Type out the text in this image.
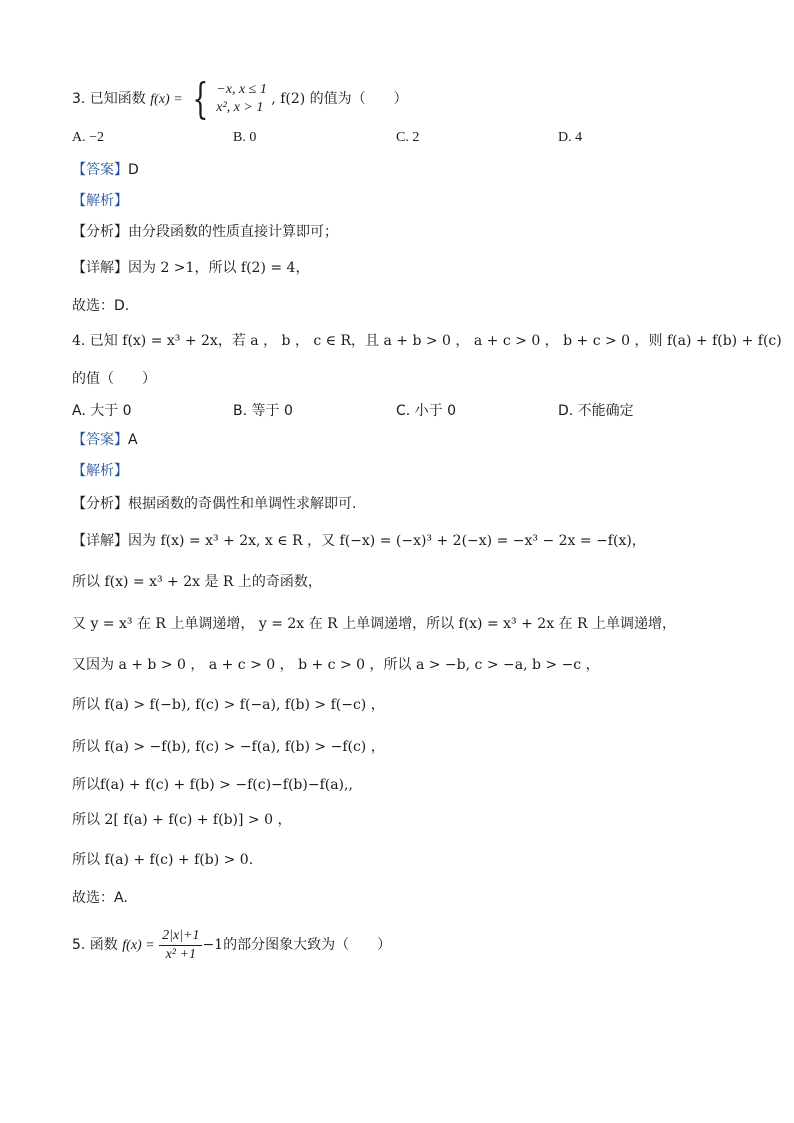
3. 已知函数 f(x) = { −x, x ≤ 1
x², x > 1
, f(2) 的值为（　　）
A. −2	B. 0	C. 2	D. 4
【答案】D
【解析】
【分析】由分段函数的性质直接计算即可；
【详解】因为 2 >1，所以 f(2) = 4，
故选：D.
4. 已知 f(x) = x³ + 2x，若 a ， b ， c ∈ R，且 a + b > 0 ， a + c > 0 ， b + c > 0 ，则 f(a) + f(b) + f(c)
的值（　　）
A. 大于 0	B. 等于 0	C. 小于 0	D. 不能确定
【答案】A
【解析】
【分析】根据函数的奇偶性和单调性求解即可.
【详解】因为 f(x) = x³ + 2x, x ∈ R ，又 f(−x) = (−x)³ + 2(−x) = −x³ − 2x = −f(x)，
所以 f(x) = x³ + 2x 是 R 上的奇函数，
又 y = x³ 在 R 上单调递增， y = 2x 在 R 上单调递增，所以 f(x) = x³ + 2x 在 R 上单调递增，
又因为 a + b > 0 ， a + c > 0 ， b + c > 0 ，所以 a > −b, c > −a, b > −c ，
所以 f(a) > f(−b), f(c) > f(−a), f(b) > f(−c) ，
所以 f(a) > −f(b), f(c) > −f(a), f(b) > −f(c) ，
所以f(a) + f(c) + f(b) > −f(c)−f(b)−f(a),,
所以 2[ f(a) + f(c) + f(b)] > 0 ，
所以 f(a) + f(c) + f(b) > 0.
故选：A.
5. 函数 $f(x) = \frac{2|x|+1}{\text{x² +1}} -1$的部分图象大致为（　　）
